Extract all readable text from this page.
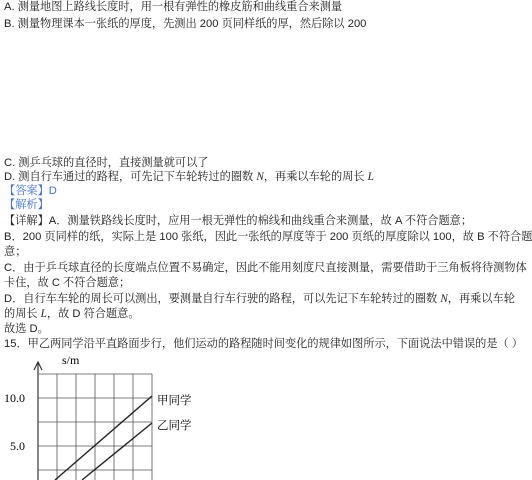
A. 测量地图上路线长度时，用一根有弹性的橡皮筋和曲线重合来测量
B. 测量物理课本一张纸的厚度，先测出 200 页同样纸的厚，然后除以 200
C. 测乒乓球的直径时，直接测量就可以了
D. 测自行车通过的路程，可先记下车轮转过的圈数 N，再乘以车轮的周长 L
【答案】D
【解析】
【详解】A．测量铁路线长度时，应用一根无弹性的棉线和曲线重合来测量，故 A 不符合题意；
B．200 页同样的纸，实际上是 100 张纸，因此一张纸的厚度等于 200 页纸的厚度除以 100，故 B 不符合题
意；
C．由于乒乓球直径的长度端点位置不易确定，因此不能用刻度尺直接测量，需要借助于三角板将待测物体
卡住，故 C 不符合题意；
D．自行车车轮的周长可以测出，要测量自行车行驶的路程，可以先记下车轮转过的圈数 N，再乘以车轮
的周长 L，故 D 符合题意。
故选 D。
15．甲乙两同学沿平直路面步行，他们运动的路程随时间变化的规律如图所示，下面说法中错误的是（ ）
s/m
10.0
5.0
甲同学
乙同学
